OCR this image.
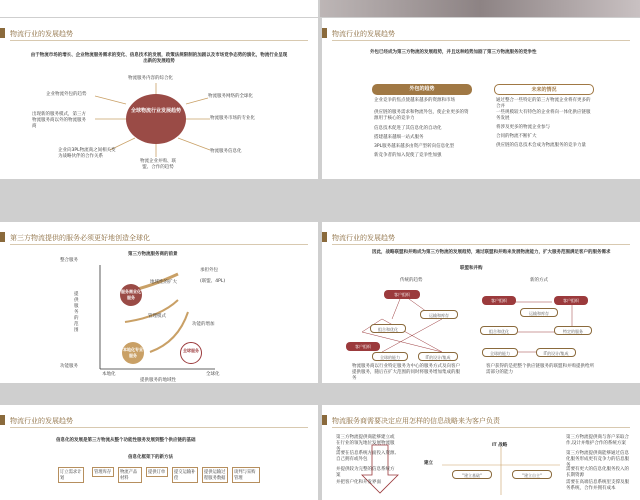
物流行业的发展趋势
由于物流市场的增长、企业物流服务需求的变化、信息技术的发展，政策法规限制的加剧以及市场竞争态势的演化，物流行业呈现出新的发展趋势
全球物流行业发展趋势
物流服务内容的综合化
企业物流外包的趋势
出现新的服务模式，第三方物流服务商以外的物流服务商
企业向3PL物流商之间相关变为战略伙伴的合作关系
物流服务网络的全球化
物流服务市场的专业化
物流服务信息化
物流企业并购、联盟、合作的趋势
物流行业的发展趋势
外包已经成为第三方物流的发展趋势，并且这种趋势加剧了第三方物流服务的竞争性
外包的趋势	未来的情况
企业竞争的焦点使越来越多的资源和市场
供应链的服务需求和物流外包，使企业更多的资源用于核心的竞争力
信息技术促进了其信息化的自动化
搭建越来越细一站式服务
3PL服务越来越多由资产型转向信息化型
新竞争者的加入促使了竞争性加强
通过整合一些特定的第三方物流企业将有更多的合并
一些规模较大有特色的企业将向一体化供应链服务发展
将涉及更多的物流企业参与
合同的物流不断扩大
供应链的信息技术会成为物流服务的竞争力量
第三方物流提供的服务必须更好地创造全球化
第三方物流服务商的前景
整合服务
功能服务
提供服务的范围
本地化	全球化
提供服务的地域性
服务商业化服务
本地化专业服务
全球服务
地域性的扩大
承担外包
(联盟、4PL)
管理模式
功能的增加
物流行业的发展趋势
因此，战略联盟和并购成为第三方物流的发展趋势，通过联盟和并购来发展物流能力，扩大服务范围满足客户的服务需求
联盟和并购
传统的趋势	新的方式
客户组织
运输和库存
组合和优化
客户组织
全球的能力	IT的设计/集成
客户组织	客户组织
运输和库存
组合和优化	特定的服务
全球的能力	IT的设计/集成
物流服务商以行业特定服务为中心的服务方式及向客户提供服务，随后在扩大范围的同时将服务增加集成的服务
客户获得的是把整个供应链服务的联盟和并购提供给所需部分的能力
物流行业的发展趋势
信息化的发展是第三方物流从整个功能性服务发展到整个供应链的基础
信息化框架下的新方法
订立需求计划
管理库存	物流产品材料
提供订单	提交运输补偿
提供运输过程服务数据
谈判与采购管理
物流服务商需要决定应用怎样的信息战略来为客户负责
IT 战略
建立
"建立基础"	"建立自主"
第三方物流提供商能够建立或在行业的领先地位发展物流服务
需要在信息系统方面投入资源,自己拥有或外包
并提供较为完整的信息系统方案
并把客户化和开发界面
第三方物流提供商与客户采取合作,设计并维护合作的系统方案
第三方物流提供商能够通过信息化服务形成更有竞争力的信息服务
需要有更大的信息化服务投入的长期资源
需要在高端信息系统里支撑及服务系统，合作并拥有成本
